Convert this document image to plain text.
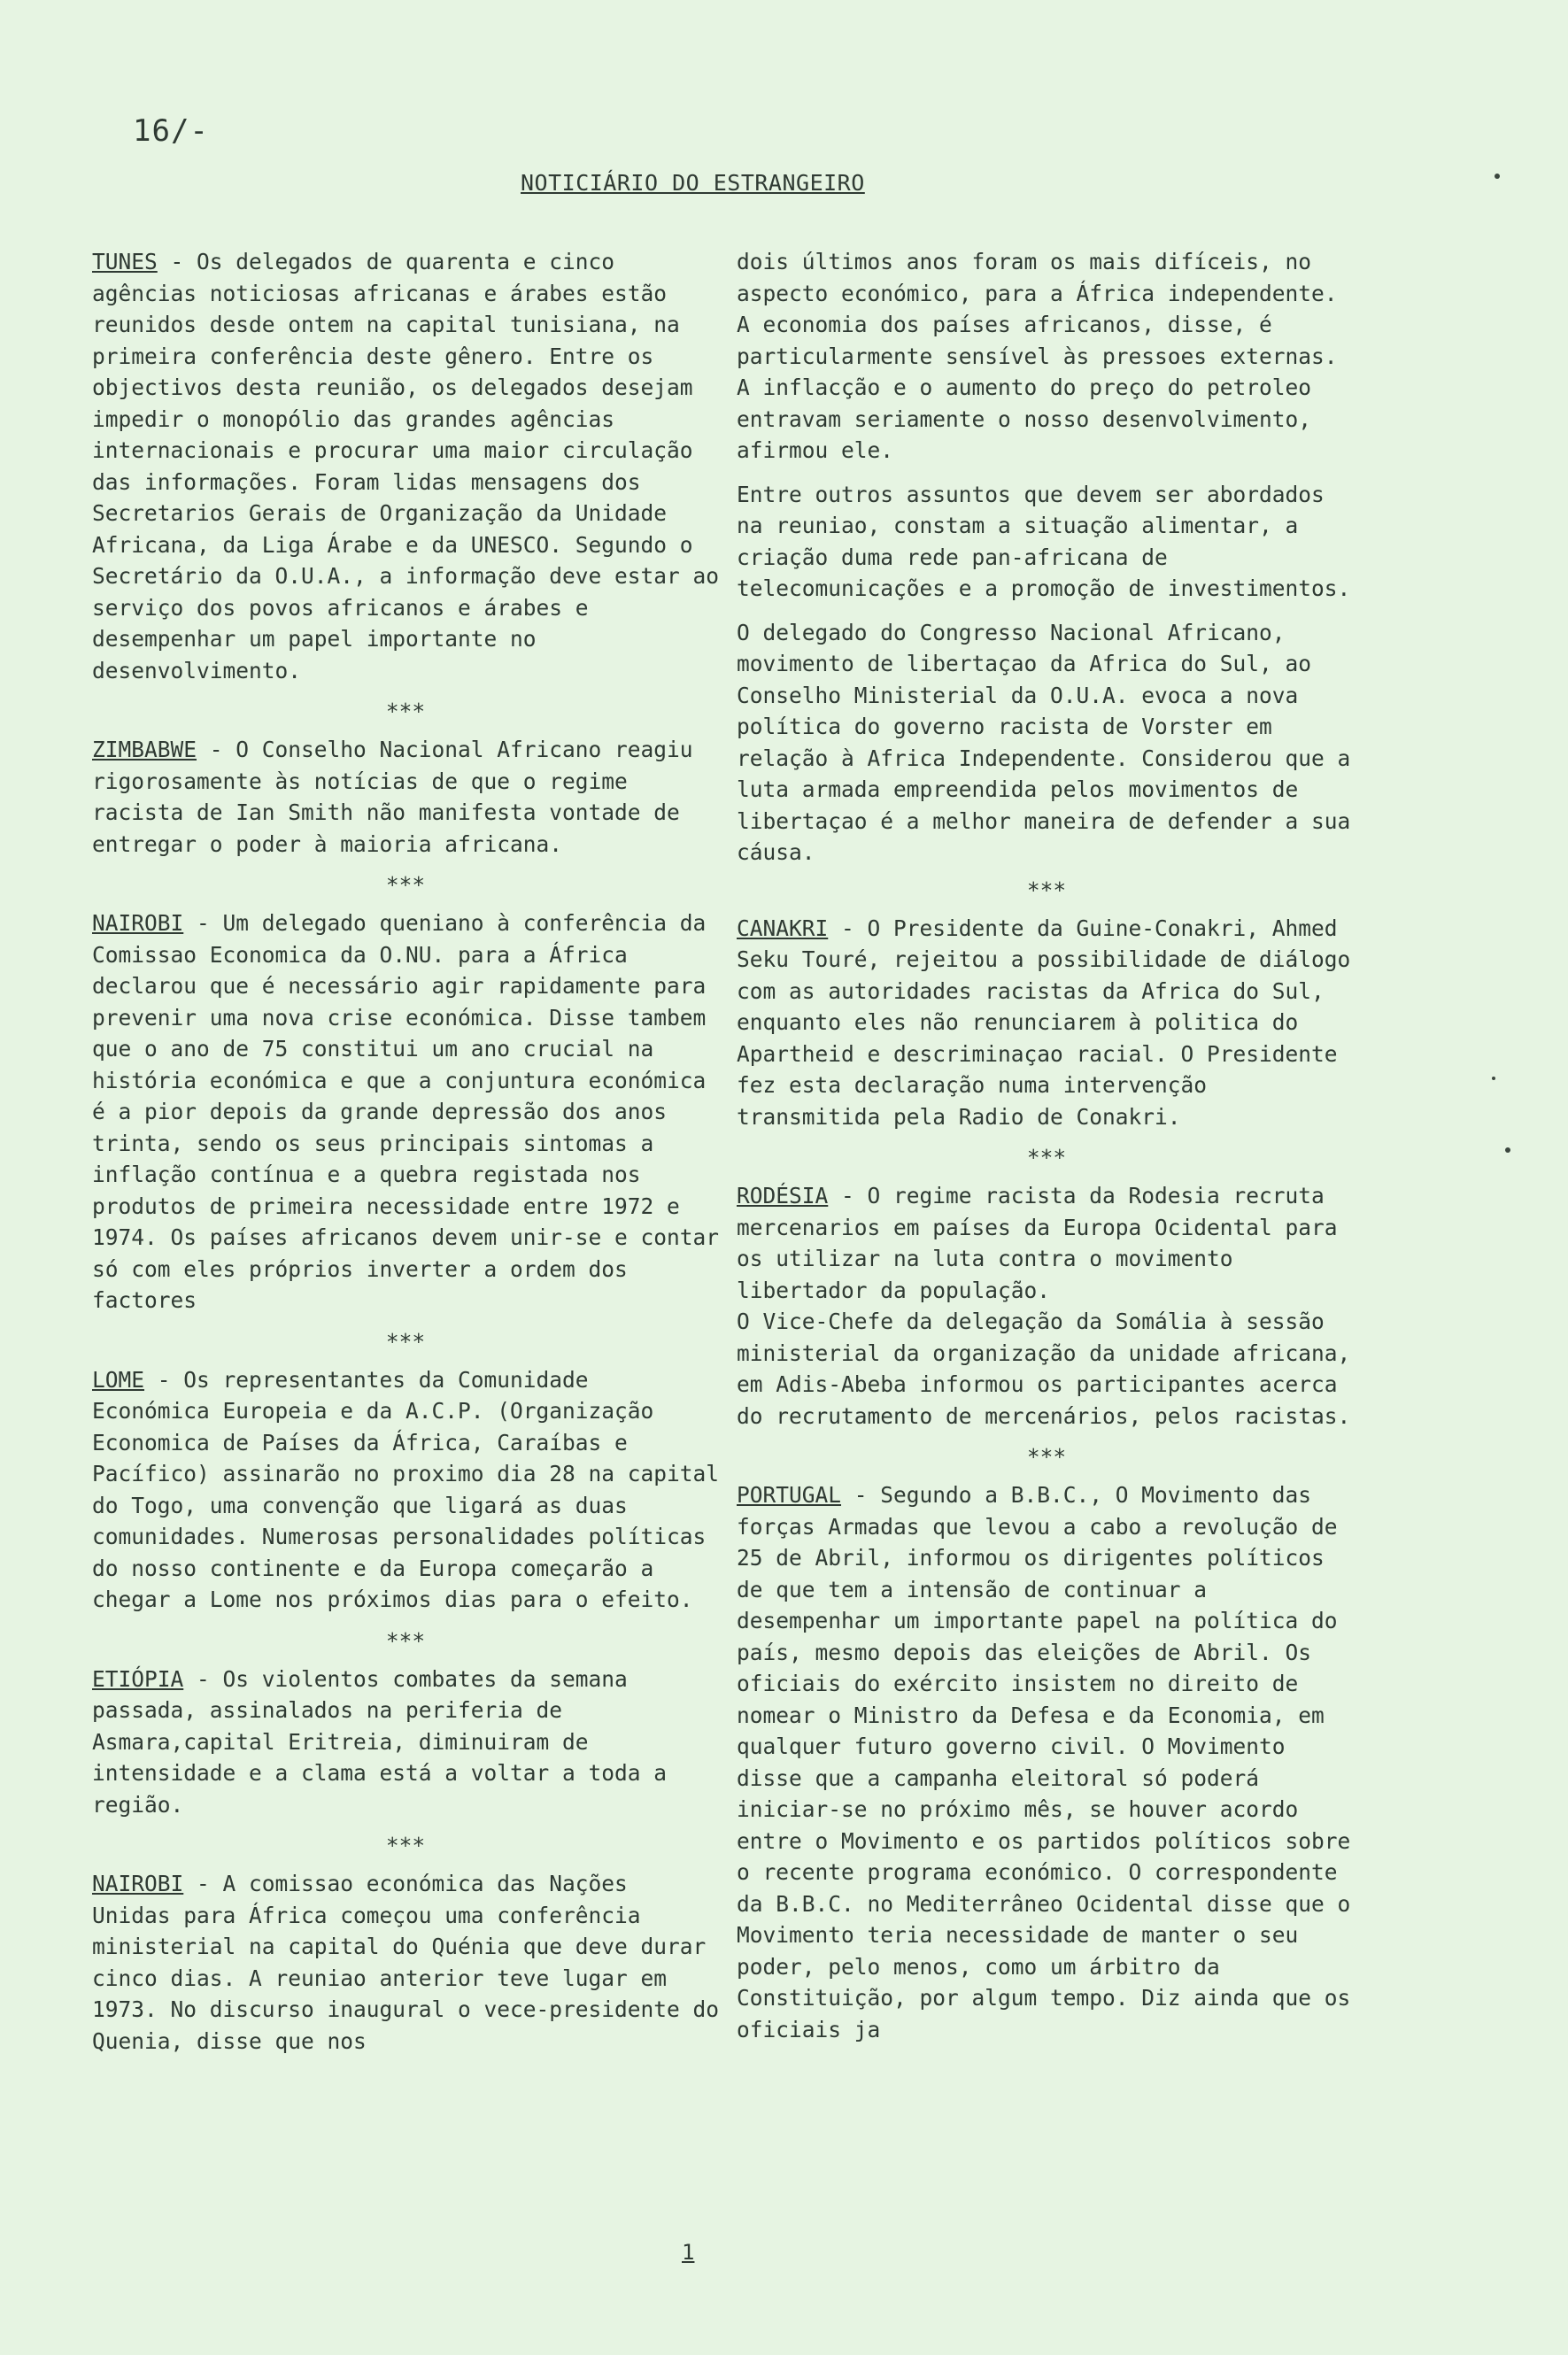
16/-
NOTICIÁRIO DO ESTRANGEIRO

TUNES - Os delegados de quarenta e cinco agências noticiosas africanas e árabes estão reunidos desde ontem na capital tunisiana, na primeira conferência deste gênero. Entre os objectivos desta reunião, os delegados desejam impedir o monopólio das grandes agências internacionais e procurar uma maior circulação das informações. Foram lidas mensagens dos Secretarios Gerais de Organização da Unidade Africana, da Liga Árabe e da UNESCO. Segundo o Secretário da O.U.A., a informação deve estar ao serviço dos povos africanos e árabes e desempenhar um papel importante no desenvolvimento.

***

ZIMBABWE - O Conselho Nacional Africano reagiu rigorosamente às notícias de que o regime racista de Ian Smith não manifesta vontade de entregar o poder à maioria africana.

***

NAIROBI - Um delegado queniano à conferência da Comissao Economica da O.NU. para a África declarou que é necessário agir rapidamente para prevenir uma nova crise económica. Disse tambem que o ano de 75 constitui um ano crucial na história económica e que a conjuntura económica é a pior depois da grande depressão dos anos trinta, sendo os seus principais sintomas a inflação contínua e a quebra registada nos produtos de primeira necessidade entre 1972 e 1974. Os países africanos devem unir-se e contar só com eles próprios inverter a ordem dos factores

***

LOME - Os representantes da Comunidade Económica Europeia e da A.C.P. (Organização Economica de Países da África, Caraíbas e Pacífico) assinarão no proximo dia 28 na capital do Togo, uma convenção que ligará as duas comunidades. Numerosas personalidades políticas do nosso continente e da Europa começarão a chegar a Lome nos próximos dias para o efeito.

***

ETIÓPIA - Os violentos combates da semana passada, assinalados na periferia de Asmara,capital Eritreia, diminuiram de intensidade e a clama está a voltar a toda a região.

***

NAIROBI - A comissao económica das Nações Unidas para África começou uma conferência ministerial na capital do Quénia que deve durar cinco dias. A reuniao anterior teve lugar em 1973. No discurso inaugural o vece-presidente do Quenia, disse que nos

dois últimos anos foram os mais difíceis, no aspecto económico, para a África independente. A economia dos países africanos, disse, é particularmente sensível às pressoes externas. A inflacção e o aumento do preço do petroleo entravam seriamente o nosso desenvolvimento, afirmou ele.

Entre outros assuntos que devem ser abordados na reuniao, constam a situação alimentar, a criação duma rede pan-africana de telecomunicações e a promoção de investimentos.

O delegado do Congresso Nacional Africano, movimento de libertaçao da Africa do Sul, ao Conselho Ministerial da O.U.A. evoca a nova política do governo racista de Vorster em relação à Africa Independente. Considerou que a luta armada empreendida pelos movimentos de libertaçao é a melhor maneira de defender a sua cáusa.

***

CANAKRI - O Presidente da Guine-Conakri, Ahmed Seku Touré, rejeitou a possibilidade de diálogo com as autoridades racistas da Africa do Sul, enquanto eles não renunciarem à politica do Apartheid e descriminaçao racial. O Presidente fez esta declaração numa intervenção transmitida pela Radio de Conakri.

***

RODÉSIA - O regime racista da Rodesia recruta mercenarios em países da Europa Ocidental para os utilizar na luta contra o movimento libertador da população.

O Vice-Chefe da delegação da Somália à sessão ministerial da organização da unidade africana, em Adis-Abeba informou os participantes acerca do recrutamento de mercenários, pelos racistas.

***

PORTUGAL - Segundo a B.B.C., O Movimento das forças Armadas que levou a cabo a revolução de 25 de Abril, informou os dirigentes políticos de que tem a intensão de continuar a desempenhar um importante papel na política do país, mesmo depois das eleições de Abril. Os oficiais do exército insistem no direito de nomear o Ministro da Defesa e da Economia, em qualquer futuro governo civil. O Movimento disse que a campanha eleitoral só poderá iniciar-se no próximo mês, se houver acordo entre o Movimento e os partidos políticos sobre o recente programa económico. O correspondente da B.B.C. no Mediterrâneo Ocidental disse que o Movimento teria necessidade de manter o seu poder, pelo menos, como um árbitro da Constituição, por algum tempo. Diz ainda que os oficiais ja

1
